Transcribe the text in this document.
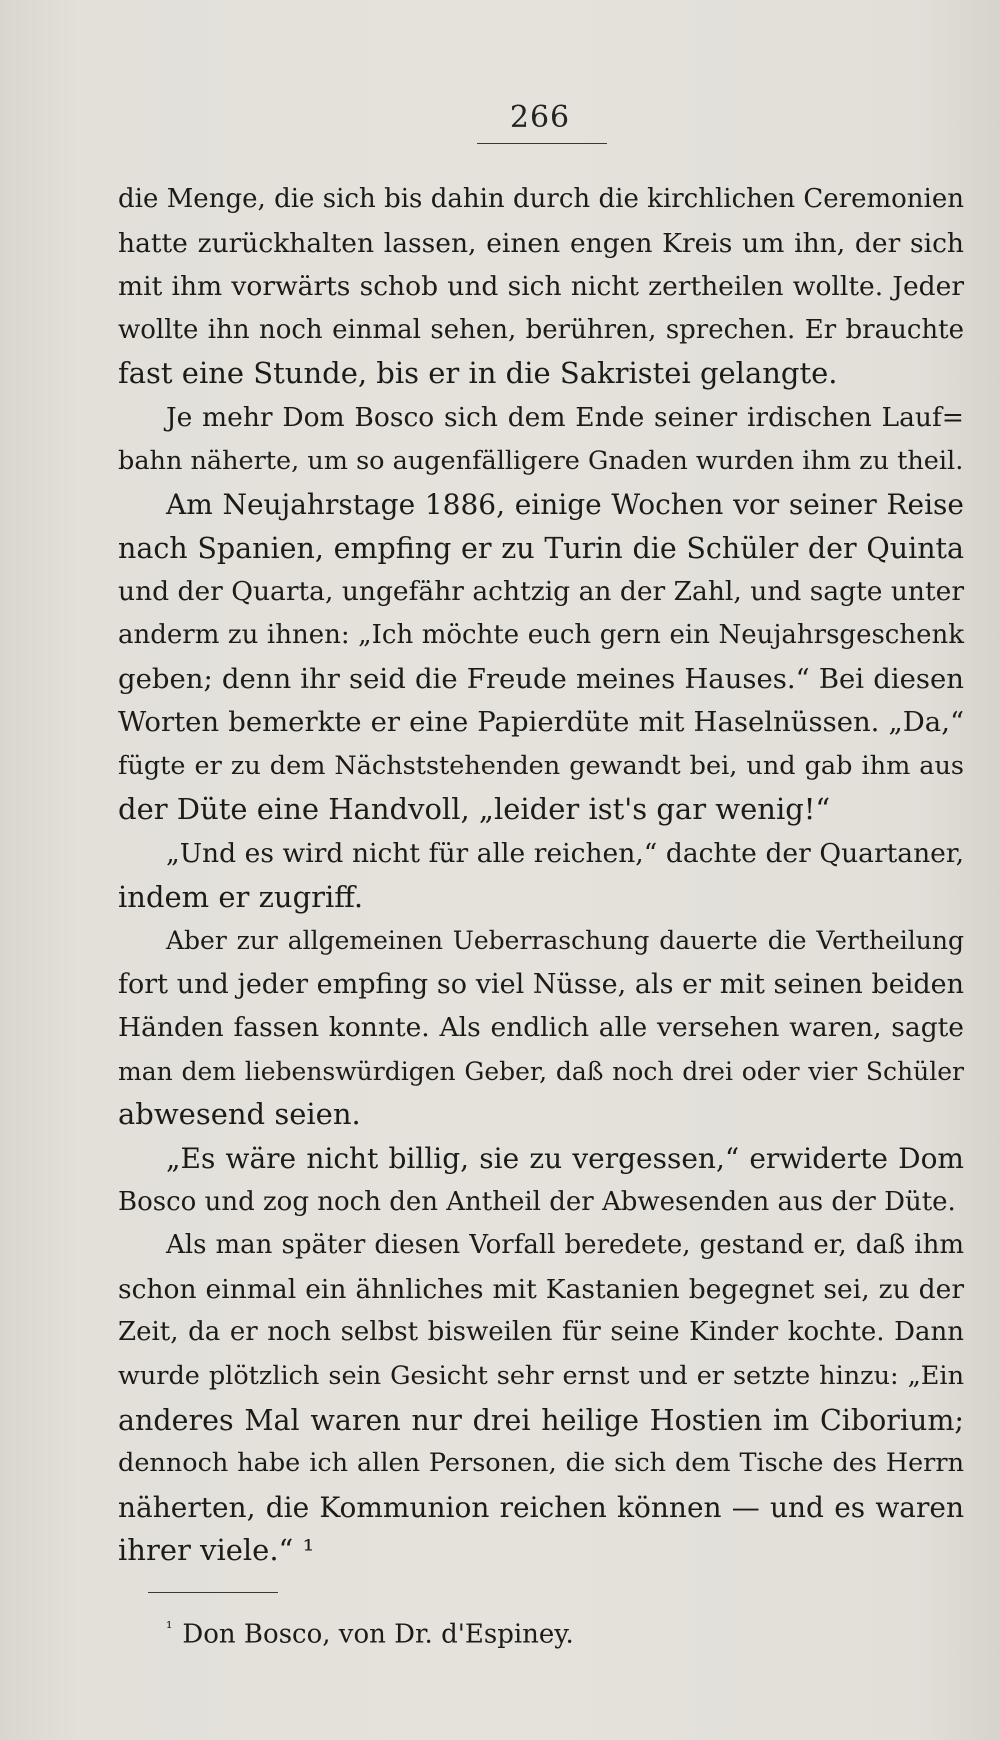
266
die Menge, die sich bis dahin durch die kirchlichen Ceremonien
hatte zurückhalten lassen, einen engen Kreis um ihn, der sich
mit ihm vorwärts schob und sich nicht zertheilen wollte. Jeder
wollte ihn noch einmal sehen, berühren, sprechen. Er brauchte
fast eine Stunde, bis er in die Sakristei gelangte.
Je mehr Dom Bosco sich dem Ende seiner irdischen Lauf=
bahn näherte, um so augenfälligere Gnaden wurden ihm zu theil.
Am Neujahrstage 1886, einige Wochen vor seiner Reise
nach Spanien, empfing er zu Turin die Schüler der Quinta
und der Quarta, ungefähr achtzig an der Zahl, und sagte unter
anderm zu ihnen: „Ich möchte euch gern ein Neujahrsgeschenk
geben; denn ihr seid die Freude meines Hauses.“ Bei diesen
Worten bemerkte er eine Papierdüte mit Haselnüssen. „Da,“
fügte er zu dem Nächststehenden gewandt bei, und gab ihm aus
der Düte eine Handvoll, „leider ist's gar wenig!“
„Und es wird nicht für alle reichen,“ dachte der Quartaner,
indem er zugriff.
Aber zur allgemeinen Ueberraschung dauerte die Vertheilung
fort und jeder empfing so viel Nüsse, als er mit seinen beiden
Händen fassen konnte. Als endlich alle versehen waren, sagte
man dem liebenswürdigen Geber, daß noch drei oder vier Schüler
abwesend seien.
„Es wäre nicht billig, sie zu vergessen,“ erwiderte Dom
Bosco und zog noch den Antheil der Abwesenden aus der Düte.
Als man später diesen Vorfall beredete, gestand er, daß ihm
schon einmal ein ähnliches mit Kastanien begegnet sei, zu der
Zeit, da er noch selbst bisweilen für seine Kinder kochte. Dann
wurde plötzlich sein Gesicht sehr ernst und er setzte hinzu: „Ein
anderes Mal waren nur drei heilige Hostien im Ciborium;
dennoch habe ich allen Personen, die sich dem Tische des Herrn
näherten, die Kommunion reichen können — und es waren
ihrer viele.“ ¹
$^{^1}$ Don Bosco, von Dr. d'Espiney.
